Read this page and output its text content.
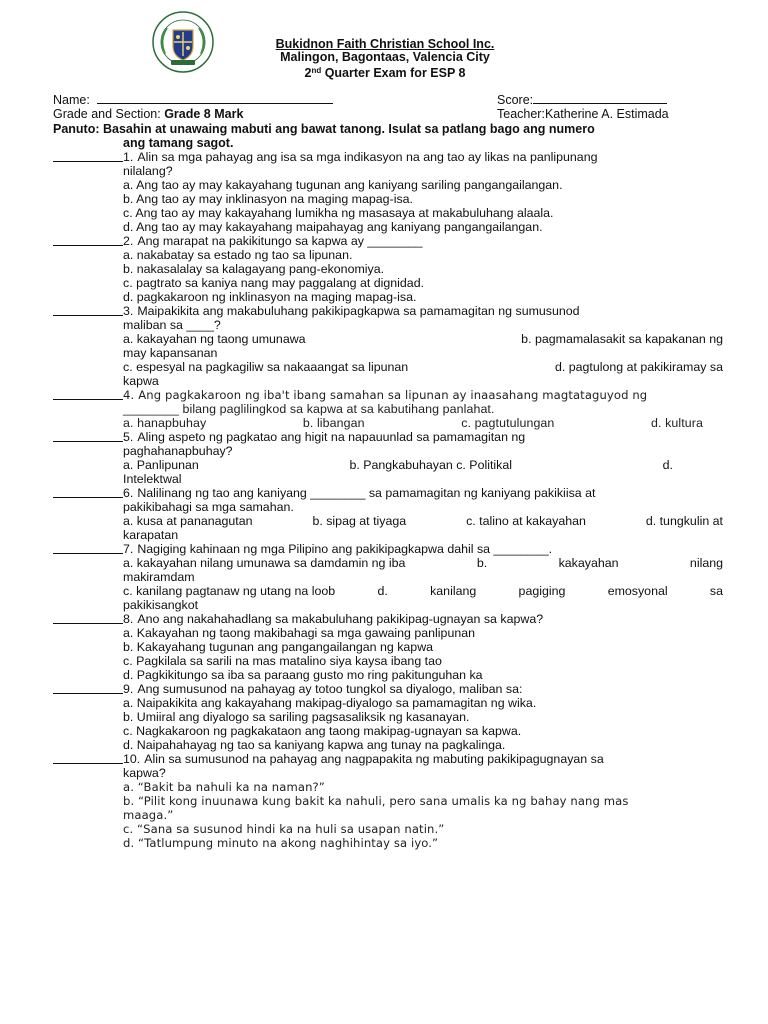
Bukidnon Faith Christian School Inc.
Malingon, Bagontaas, Valencia City
2nd Quarter Exam for ESP 8
Name:	Score:
Grade and Section: Grade 8 Mark	Teacher:Katherine A. Estimada
Panuto: Basahin at unawaing mabuti ang bawat tanong. Isulat sa patlang bago ang numero
ang tamang sagot.
1. Alin sa mga pahayag ang isa sa mga indikasyon na ang tao ay likas na panlipunang
nilalang?
a. Ang tao ay may kakayahang tugunan ang kaniyang sariling pangangailangan.
b. Ang tao ay may inklinasyon na maging mapag-isa.
c. Ang tao ay may kakayahang lumikha ng masasaya at makabuluhang alaala.
d. Ang tao ay may kakayahang maipahayag ang kaniyang pangangailangan.
2. Ang marapat na pakikitungo sa kapwa ay ________
a. nakabatay sa estado ng tao sa lipunan.
b. nakasalalay sa kalagayang pang-ekonomiya.
c. pagtrato sa kaniya nang may paggalang at dignidad.
d. pagkakaroon ng inklinasyon na maging mapag-isa.
3. Maipakikita ang makabuluhang pakikipagkapwa sa pamamagitan ng sumusunod
maliban sa ____?
a. kakayahan ng taong umunawa	b. pagmamalasakit sa kapakanan ng
may kapansanan
c. espesyal na pagkagiliw sa nakaaangat sa lipunan	d. pagtulong at pakikiramay sa
kapwa
4. Ang pagkakaroon ng iba't ibang samahan sa lipunan ay inaasahang magtataguyod ng
________ bilang paglilingkod sa kapwa at sa kabutihang panlahat.
a. hanapbuhay	b. libangan	c. pagtutulungan	d. kultura
5. Aling aspeto ng pagkatao ang higit na napauunlad sa pamamagitan ng
paghahanapbuhay?
a. Panlipunan	b. Pangkabuhayan c. Politikal	d.
Intelektwal
6. Nalilinang ng tao ang kaniyang ________ sa pamamagitan ng kaniyang pakikiisa at
pakikibahagi sa mga samahan.
a. kusa at pananagutan	b. sipag at tiyaga	c. talino at kakayahan	d. tungkulin at
karapatan
7. Nagiging kahinaan ng mga Pilipino ang pakikipagkapwa dahil sa ________.
a. kakayahan nilang umunawa sa damdamin ng iba	b.	kakayahan	nilang
makiramdam
c. kanilang pagtanaw ng utang na loob	d.	kanilang	pagiging	emosyonal	sa
pakikisangkot
8. Ano ang nakahahadlang sa makabuluhang pakikipag-ugnayan sa kapwa?
a. Kakayahan ng taong makibahagi sa mga gawaing panlipunan
b. Kakayahang tugunan ang pangangailangan ng kapwa
c. Pagkilala sa sarili na mas matalino siya kaysa ibang tao
d. Pagkikitungo sa iba sa paraang gusto mo ring pakitunguhan ka
9. Ang sumusunod na pahayag ay totoo tungkol sa diyalogo, maliban sa:
a. Naipakikita ang kakayahang makipag-diyalogo sa pamamagitan ng wika.
b. Umiiral ang diyalogo sa sariling pagsasaliksik ng kasanayan.
c. Nagkakaroon ng pagkakataon ang taong makipag-ugnayan sa kapwa.
d. Naipahahayag ng tao sa kaniyang kapwa ang tunay na pagkalinga.
10. Alin sa sumusunod na pahayag ang nagpapakita ng mabuting pakikipagugnayan sa
kapwa?
a. “Bakit ba nahuli ka na naman?”
b. “Pilit kong inuunawa kung bakit ka nahuli, pero sana umalis ka ng bahay nang mas
maaga.”
c. “Sana sa susunod hindi ka na huli sa usapan natin.”
d. “Tatlumpung minuto na akong naghihintay sa iyo.”
